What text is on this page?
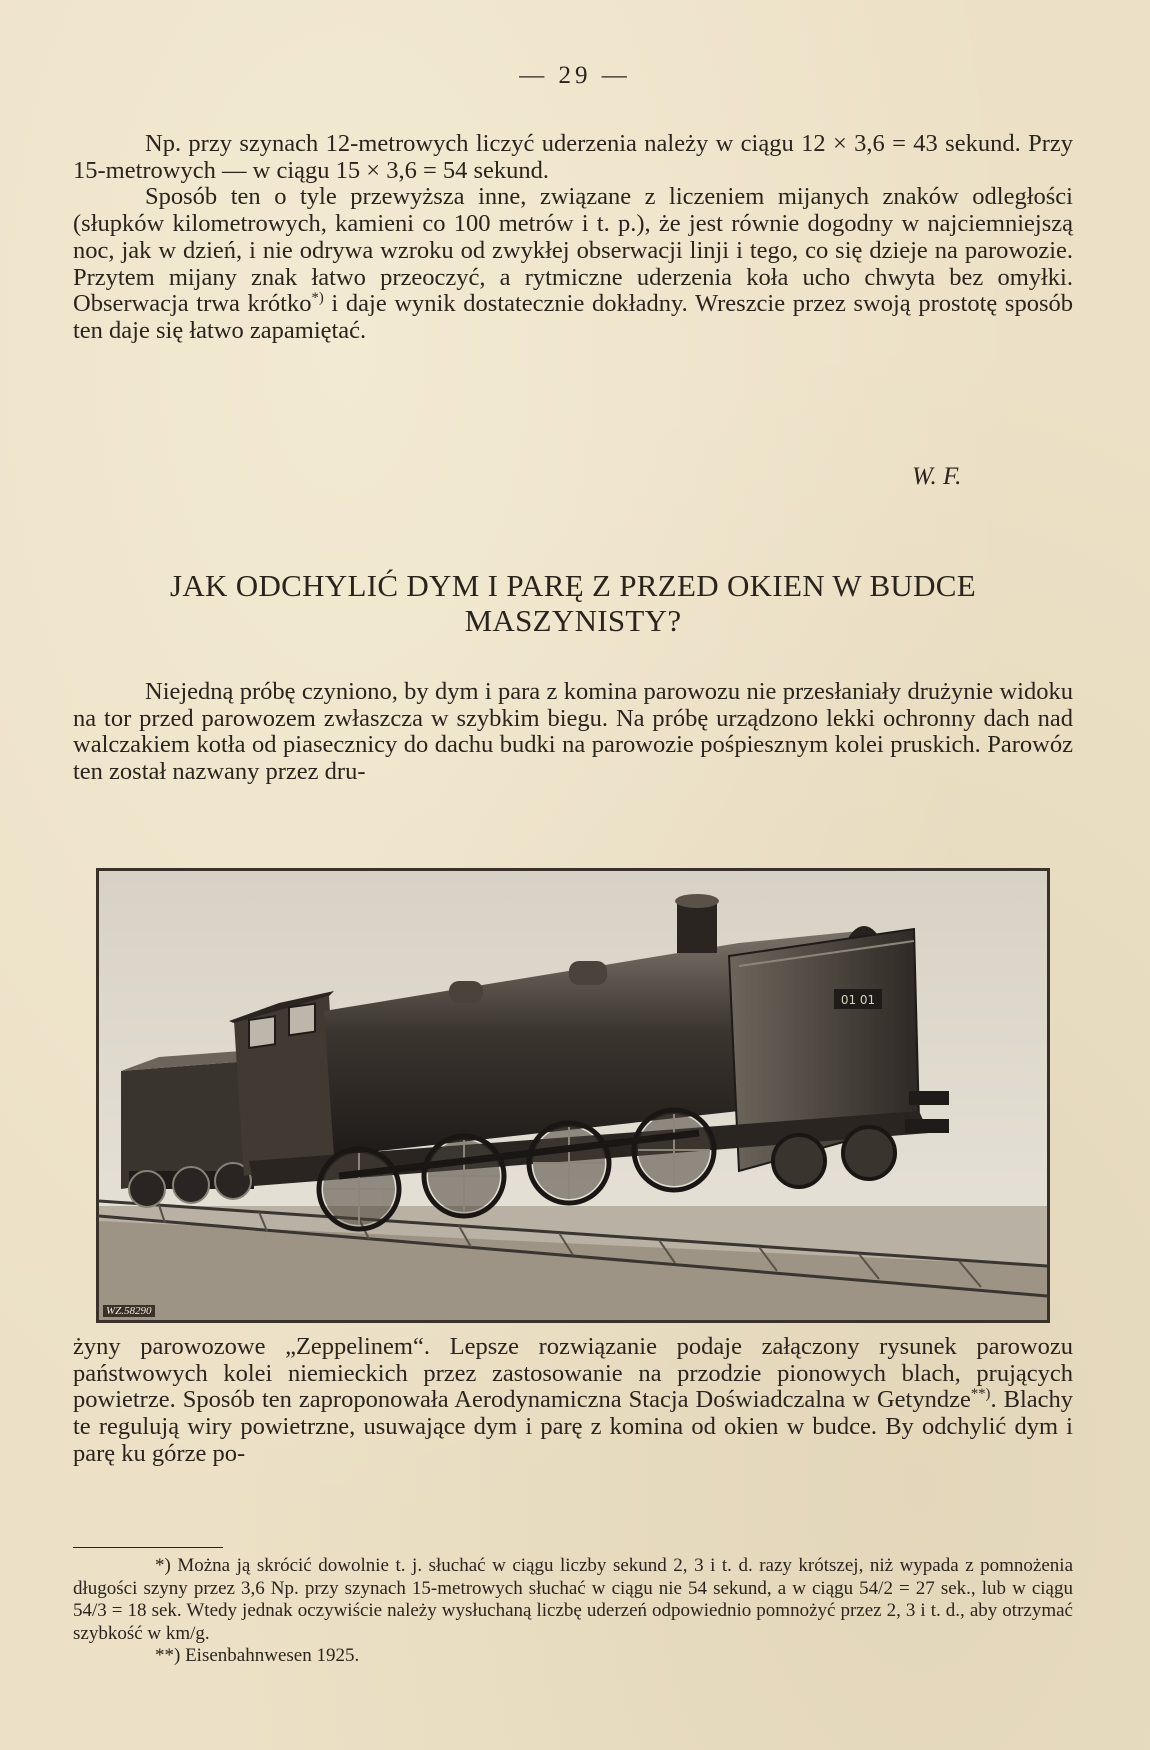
— 29 —

Np. przy szynach 12-metrowych liczyć uderzenia należy w ciągu 12 × 3,6 = 43 sekund. Przy 15-metrowych — w ciągu 15 × 3,6 = 54 sekund.

Sposób ten o tyle przewyższa inne, związane z liczeniem mijanych znaków odległości (słupków kilometrowych, kamieni co 100 metrów i t. p.), że jest równie dogodny w najciemniejszą noc, jak w dzień, i nie odrywa wzroku od zwykłej obserwacji linji i tego, co się dzieje na parowozie. Przytem mijany znak łatwo przeoczyć, a rytmiczne uderzenia koła ucho chwyta bez omyłki. Obserwacja trwa krótko*) i daje wynik dostatecznie dokładny. Wreszcie przez swoją prostotę sposób ten daje się łatwo zapamiętać.

W. F.
JAK ODCHYLIĆ DYM I PARĘ Z PRZED OKIEN W BUDCE MASZYNISTY?

Niejedną próbę czyniono, by dym i para z komina parowozu nie przesłaniały drużynie widoku na tor przed parowozem zwłaszcza w szybkim biegu. Na próbę urządzono lekki ochronny dach nad walczakiem kotła od piasecznicy do dachu budki na parowozie pośpiesznym kolei pruskich. Parowóz ten został nazwany przez dru-

01 01
WZ.58290

żyny parowozowe „Zeppelinem“. Lepsze rozwiązanie podaje załączony rysunek parowozu państwowych kolei niemieckich przez zastosowanie na przodzie pionowych blach, prujących powietrze. Sposób ten zaproponowała Aerodynamiczna Stacja Doświadczalna w Getyndze**). Blachy te regulują wiry powietrzne, usuwające dym i parę z komina od okien w budce. By odchylić dym i parę ku górze po-

*) Można ją skrócić dowolnie t. j. słuchać w ciągu liczby sekund 2, 3 i t. d. razy krótszej, niż wypada z pomnożenia długości szyny przez 3,6 Np. przy szynach 15-metrowych słuchać w ciągu nie 54 sekund, a w ciągu 54/2 = 27 sek., lub w ciągu 54/3 = 18 sek. Wtedy jednak oczywiście należy wysłuchaną liczbę uderzeń odpowiednio pomnożyć przez 2, 3 i t. d., aby otrzymać szybkość w km/g.

**) Eisenbahnwesen 1925.
